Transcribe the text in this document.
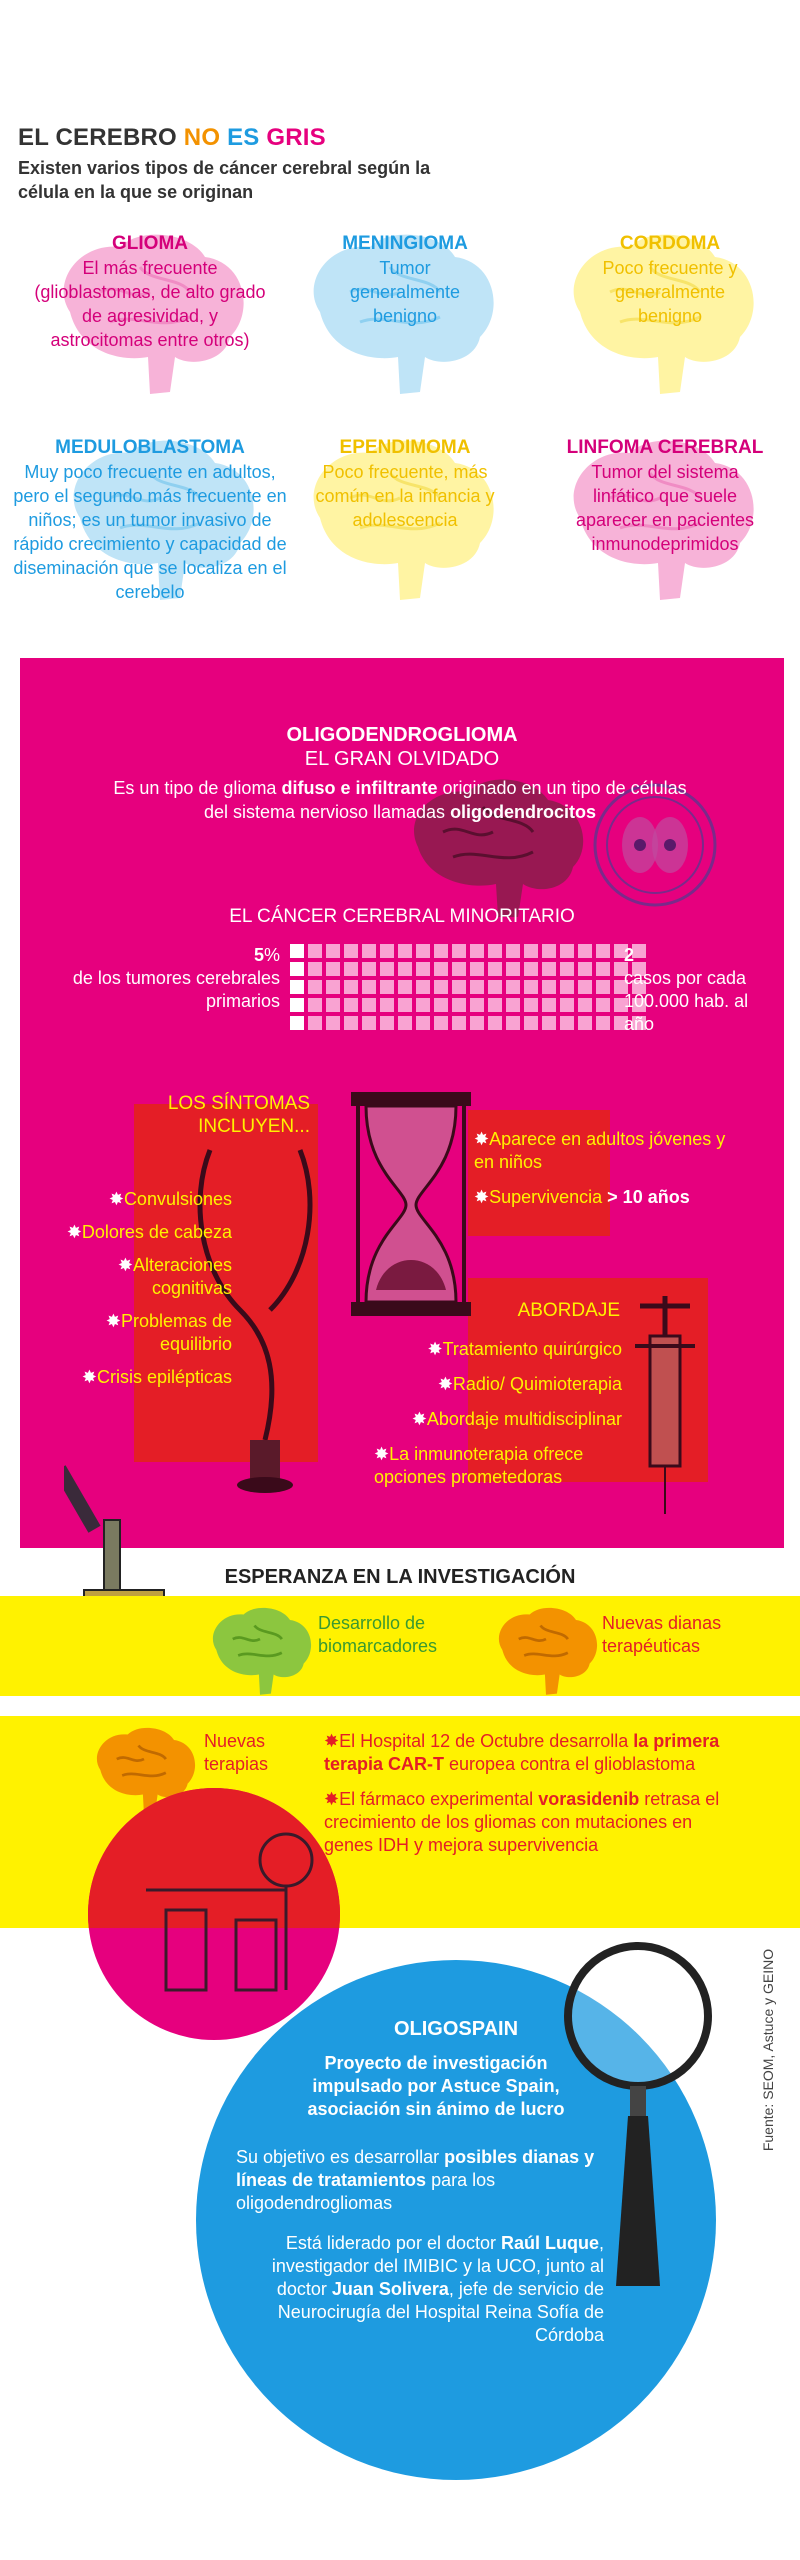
EL CEREBRO NO ES GRIS
Existen varios tipos de cáncer cerebral según la célula en la que se originan
GLIOMA
El más frecuente (glioblastomas, de alto grado de agresividad, y astrocitomas entre otros)
MENINGIOMA
Tumor generalmente benigno
CORDOMA
Poco frecuente y generalmente benigno
MEDULOBLASTOMA
Muy poco frecuente en adultos, pero el segundo más frecuente en niños; es un tumor invasivo de rápido crecimiento y capacidad de diseminación que se localiza en el cerebelo
EPENDIMOMA
Poco frecuente, más común en la infancia y adolescencia
LINFOMA CEREBRAL
Tumor del sistema linfático que suele aparecer en pacientes inmunodeprimidos
OLIGODENDROGLIOMA
EL GRAN OLVIDADO
Es un tipo de glioma difuso e infiltrante originado en un tipo de células del sistema nervioso llamadas oligodendrocitos
EL CÁNCER CEREBRAL MINORITARIO
5%
de los tumores cerebrales primarios
2
casos por cada 100.000 hab. al año
LOS SÍNTOMAS INCLUYEN...
✸Convulsiones
✸Dolores de cabeza
✸Alteraciones cognitivas
✸Problemas de equilibrio
✸Crisis epilépticas
✸Aparece en adultos jóvenes y en niños
✸Supervivencia > 10 años
ABORDAJE
✸Tratamiento quirúrgico
✸Radio/ Quimioterapia
✸Abordaje multidisciplinar
✸La inmunoterapia ofrece opciones prometedoras
ESPERANZA EN LA INVESTIGACIÓN
Desarrollo de biomarcadores
Nuevas dianas terapéuticas
Nuevas terapias
✸El Hospital 12 de Octubre desarrolla la primera terapia CAR-T europea contra el glioblastoma
✸El fármaco experimental vorasidenib retrasa el crecimiento de los gliomas con mutaciones en genes IDH y mejora supervivencia
OLIGOSPAIN
Proyecto de investigación impulsado por Astuce Spain, asociación sin ánimo de lucro
Su objetivo es desarrollar posibles dianas y líneas de tratamientos para los oligodendrogliomas
Está liderado por el doctor Raúl Luque, investigador del IMIBIC y la UCO, junto al doctor Juan Solivera, jefe de servicio de Neurocirugía del Hospital Reina Sofía de Córdoba
Fuente: SEOM, Astuce y GEINO
